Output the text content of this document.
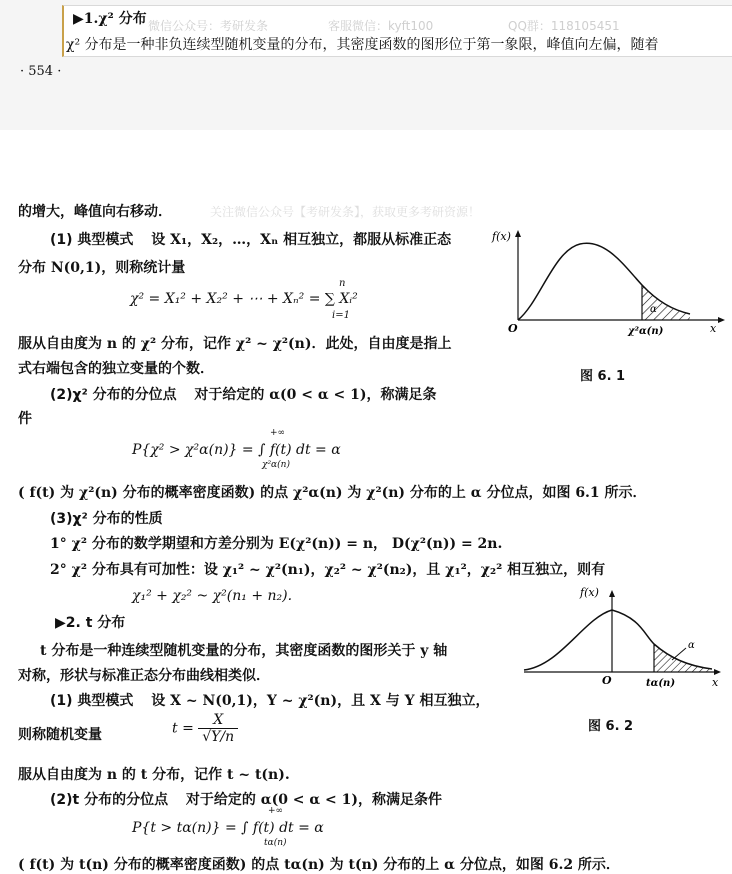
▶1.χ² 分布 微信公众号：考研发条	客服微信：kyft100	QQ群：118105451
χ² 分布是一种非负连续型随机变量的分布，其密度函数的图形位于第一象限，峰值向左偏，随着
· 554 ·
关注微信公众号【考研发条】，获取更多考研资源！
的增大，峰值向右移动．
(1) 典型模式 设 X₁，X₂，…，Xₙ 相互独立，都服从标准正态
分布 N(0,1)，则称统计量
χ² = X₁² + X₂² + ⋯ + Xₙ² = ∑ Xᵢ²
n
i=1
服从自由度为 n 的 χ² 分布，记作 χ² ~ χ²(n)．此处，自由度是指上
式右端包含的独立变量的个数．
(2)χ² 分布的分位点 对于给定的 α(0 < α < 1)，称满足条
件
P{χ² > χ²α(n)} = ∫ f(t) dt = α
+∞
χ²α(n)
( f(t) 为 χ²(n) 分布的概率密度函数) 的点 χ²α(n) 为 χ²(n) 分布的上 α 分位点，如图 6.1 所示．
(3)χ² 分布的性质
1° χ² 分布的数学期望和方差分别为 E(χ²(n)) = n， D(χ²(n)) = 2n.
2° χ² 分布具有可加性：设 χ₁² ~ χ²(n₁)，χ₂² ~ χ²(n₂)，且 χ₁²，χ₂² 相互独立，则有
χ₁² + χ₂² ~ χ²(n₁ + n₂).
▶2. t 分布
t 分布是一种连续型随机变量的分布，其密度函数的图形关于 y 轴
对称，形状与标准正态分布曲线相类似．
(1) 典型模式 设 X ~ N(0,1)，Y ~ χ²(n)，且 X 与 Y 相互独立，
则称随机变量	$t = \frac{X}{√Y/n}$
服从自由度为 n 的 t 分布，记作 t ~ t(n).
(2)t 分布的分位点 对于给定的 α(0 < α < 1)，称满足条件
P{t > tα(n)} = ∫ f(t) dt = α
+∞
tα(n)
( f(t) 为 t(n) 分布的概率密度函数) 的点 tα(n) 为 t(n) 分布的上 α 分位点，如图 6.2 所示．
f(x)
O	x
χ²α(n)
α
图 6. 1
f(x)
O	x
tα(n)
α
图 6. 2
